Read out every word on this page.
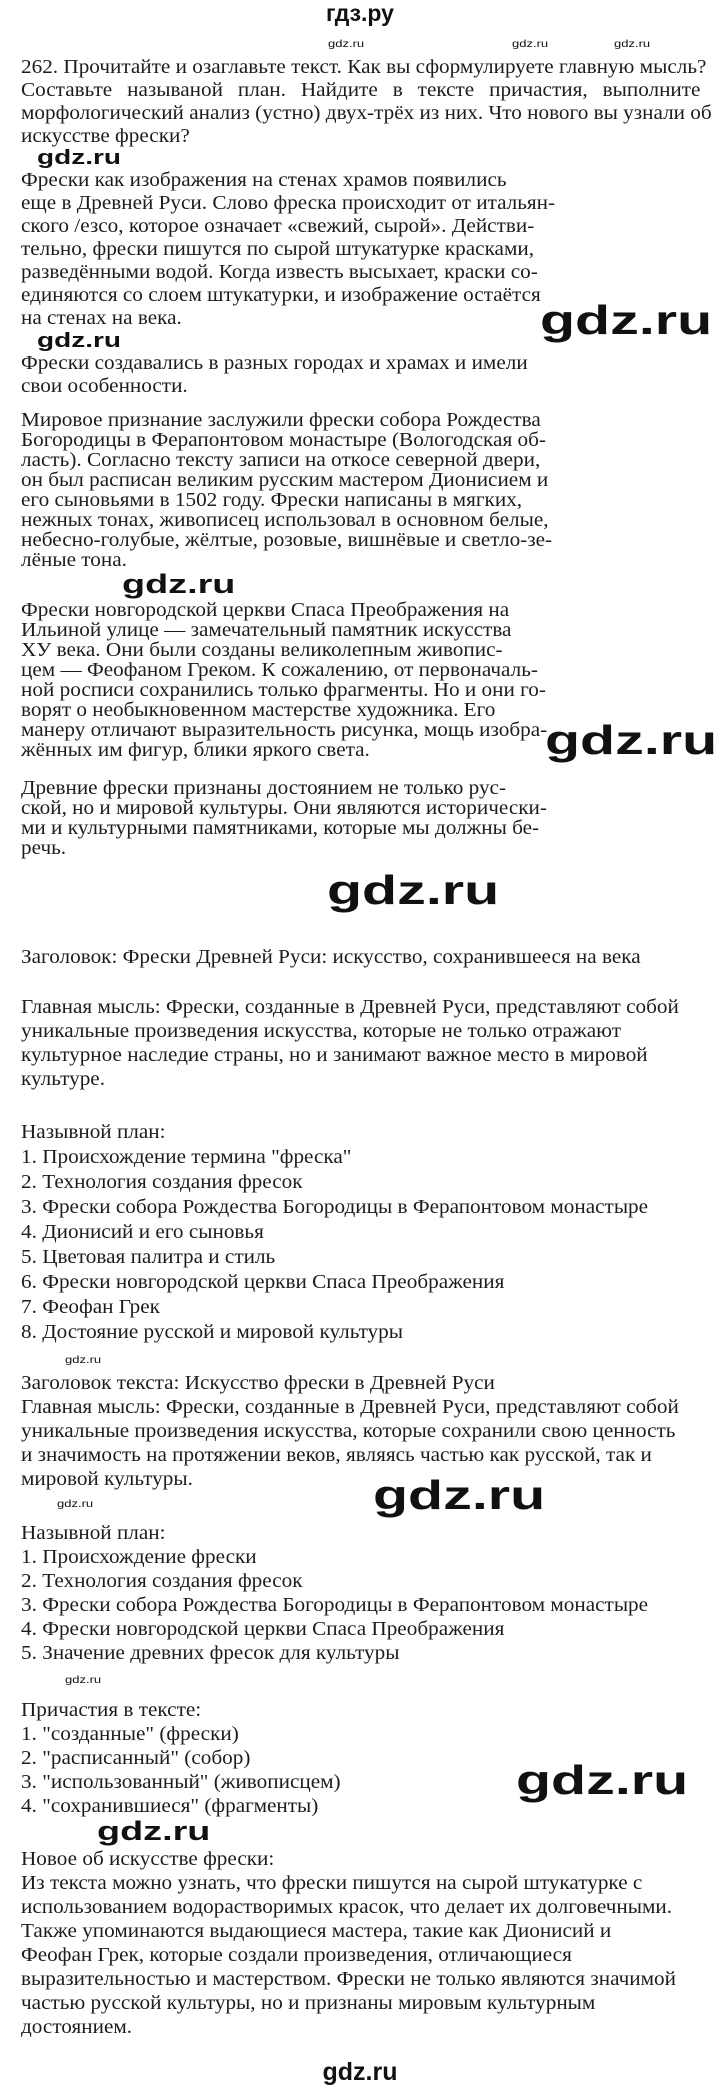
гдз.ру
262. Прочитайте и озаглавьте текст. Как вы сформулируете главную мысль?
Составьте называной план. Найдите в тексте причастия, выполните
морфологический анализ (устно) двух-трёх из них. Что нового вы узнали об
искусстве фрески?
Фрески как изображения на стенах храмов появились
еще в Древней Руси. Слово фреска происходит от итальян-
ского /езсо, которое означает «свежий, сырой». Действи-
тельно, фрески пишутся по сырой штукатурке красками,
разведёнными водой. Когда известь высыхает, краски со-
единяются со слоем штукатурки, и изображение остаётся
на стенах на века.
Фрески создавались в разных городах и храмах и имели
свои особенности.
Мировое признание заслужили фрески собора Рождества
Богородицы в Ферапонтовом монастыре (Вологодская об-
ласть). Согласно тексту записи на откосе северной двери,
он был расписан великим русским мастером Дионисием и
его сыновьями в 1502 году. Фрески написаны в мягких,
нежных тонах, живописец использовал в основном белые,
небесно-голубые, жёлтые, розовые, вишнёвые и светло-зе-
лёные тона.
Фрески новгородской церкви Спаса Преображения на
Ильиной улице — замечательный памятник искусства
ХУ века. Они были созданы великолепным живопис-
цем — Феофаном Греком. К сожалению, от первоначаль-
ной росписи сохранились только фрагменты. Но и они го-
ворят о необыкновенном мастерстве художника. Его
манеру отличают выразительность рисунка, мощь изобра-
жённых им фигур, блики яркого света.
Древние фрески признаны достоянием не только рус-
ской, но и мировой культуры. Они являются исторически-
ми и культурными памятниками, которые мы должны бе-
речь.
Заголовок: Фрески Древней Руси: искусство, сохранившееся на века
Главная мысль: Фрески, созданные в Древней Руси, представляют собой
уникальные произведения искусства, которые не только отражают
культурное наследие страны, но и занимают важное место в мировой
культуре.
Назывной план:
1. Происхождение термина "фреска"
2. Технология создания фресок
3. Фрески собора Рождества Богородицы в Ферапонтовом монастыре
4. Дионисий и его сыновья
5. Цветовая палитра и стиль
6. Фрески новгородской церкви Спаса Преображения
7. Феофан Грек
8. Достояние русской и мировой культуры
Заголовок текста: Искусство фрески в Древней Руси
Главная мысль: Фрески, созданные в Древней Руси, представляют собой
уникальные произведения искусства, которые сохранили свою ценность
и значимость на протяжении веков, являясь частью как русской, так и
мировой культуры.
Назывной план:
1. Происхождение фрески
2. Технология создания фресок
3. Фрески собора Рождества Богородицы в Ферапонтовом монастыре
4. Фрески новгородской церкви Спаса Преображения
5. Значение древних фресок для культуры
Причастия в тексте:
1. "созданные" (фрески)
2. "расписанный" (собор)
3. "использованный" (живописцем)
4. "сохранившиеся" (фрагменты)
Новое об искусстве фрески:
Из текста можно узнать, что фрески пишутся на сырой штукатурке с
использованием водорастворимых красок, что делает их долговечными.
Также упоминаются выдающиеся мастера, такие как Дионисий и
Феофан Грек, которые создали произведения, отличающиеся
выразительностью и мастерством. Фрески не только являются значимой
частью русской культуры, но и признаны мировым культурным
достоянием.
gdz.ru	gdz.ru	gdz.ru
gdz.ru
gdz.ru	gdz.ru
gdz.ru
gdz.ru
gdz.ru
gdz.ru
gdz.ru
gdz.ru
gdz.ru
gdz.ru
gdz.ru
gdz.ru
